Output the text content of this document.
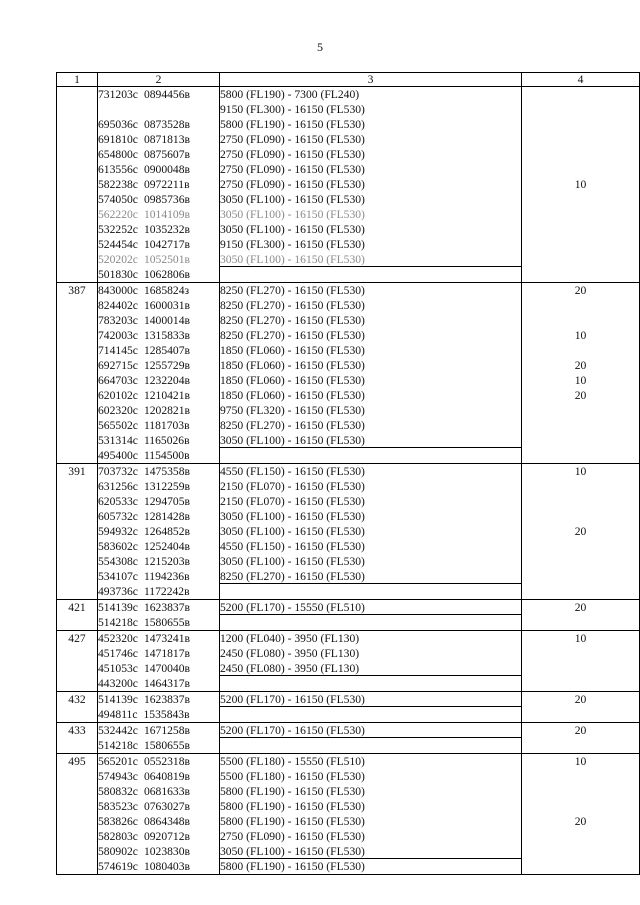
5
1	2	3	4
	731203с 0894456в	5800 (FL190) - 7300 (FL240)	
		9150 (FL300) - 16150 (FL530)	
	695036с 0873528в	5800 (FL190) - 16150 (FL530)	
	691810с 0871813в	2750 (FL090) - 16150 (FL530)	
	654800с 0875607в	2750 (FL090) - 16150 (FL530)	
	613556с 0900048в	2750 (FL090) - 16150 (FL530)	
	582238с 0972211в	2750 (FL090) - 16150 (FL530)	10
	574050с 0985736в	3050 (FL100) - 16150 (FL530)	
	562220с 1014109в	3050 (FL100) - 16150 (FL530)	
	532252с 1035232в	3050 (FL100) - 16150 (FL530)	
	524454с 1042717в	9150 (FL300) - 16150 (FL530)	
	520202с 1052501в	3050 (FL100) - 16150 (FL530)	
	501830с 1062806в		
387	843000с 1685824з	8250 (FL270) - 16150 (FL530)	20
	824402с 1600031в	8250 (FL270) - 16150 (FL530)	
	783203с 1400014в	8250 (FL270) - 16150 (FL530)	
	742003с 1315833в	8250 (FL270) - 16150 (FL530)	10
	714145с 1285407в	1850 (FL060) - 16150 (FL530)	
	692715с 1255729в	1850 (FL060) - 16150 (FL530)	20
	664703с 1232204в	1850 (FL060) - 16150 (FL530)	10
	620102с 1210421в	1850 (FL060) - 16150 (FL530)	20
	602320с 1202821в	9750 (FL320) - 16150 (FL530)	
	565502с 1181703в	8250 (FL270) - 16150 (FL530)	
	531314с 1165026в	3050 (FL100) - 16150 (FL530)	
	495400с 1154500в		
391	703732с 1475358в	4550 (FL150) - 16150 (FL530)	10
	631256с 1312259в	2150 (FL070) - 16150 (FL530)	
	620533с 1294705в	2150 (FL070) - 16150 (FL530)	
	605732с 1281428в	3050 (FL100) - 16150 (FL530)	
	594932с 1264852в	3050 (FL100) - 16150 (FL530)	20
	583602с 1252404в	4550 (FL150) - 16150 (FL530)	
	554308с 1215203в	3050 (FL100) - 16150 (FL530)	
	534107с 1194236в	8250 (FL270) - 16150 (FL530)	
	493736с 1172242в		
421	514139с 1623837в	5200 (FL170) - 15550 (FL510)	20
	514218с 1580655в		
427	452320с 1473241в	1200 (FL040) - 3950 (FL130)	10
	451746с 1471817в	2450 (FL080) - 3950 (FL130)	
	451053с 1470040в	2450 (FL080) - 3950 (FL130)	
	443200с 1464317в		
432	514139с 1623837в	5200 (FL170) - 16150 (FL530)	20
	494811с 1535843в		
433	532442с 1671258в	5200 (FL170) - 16150 (FL530)	20
	514218с 1580655в		
495	565201с 0552318в	5500 (FL180) - 15550 (FL510)	10
	574943с 0640819в	5500 (FL180) - 16150 (FL530)	
	580832с 0681633в	5800 (FL190) - 16150 (FL530)	
	583523с 0763027в	5800 (FL190) - 16150 (FL530)	
	583826с 0864348в	5800 (FL190) - 16150 (FL530)	20
	582803с 0920712в	2750 (FL090) - 16150 (FL530)	
	580902с 1023830в	3050 (FL100) - 16150 (FL530)	
	574619с 1080403в	5800 (FL190) - 16150 (FL530)	
